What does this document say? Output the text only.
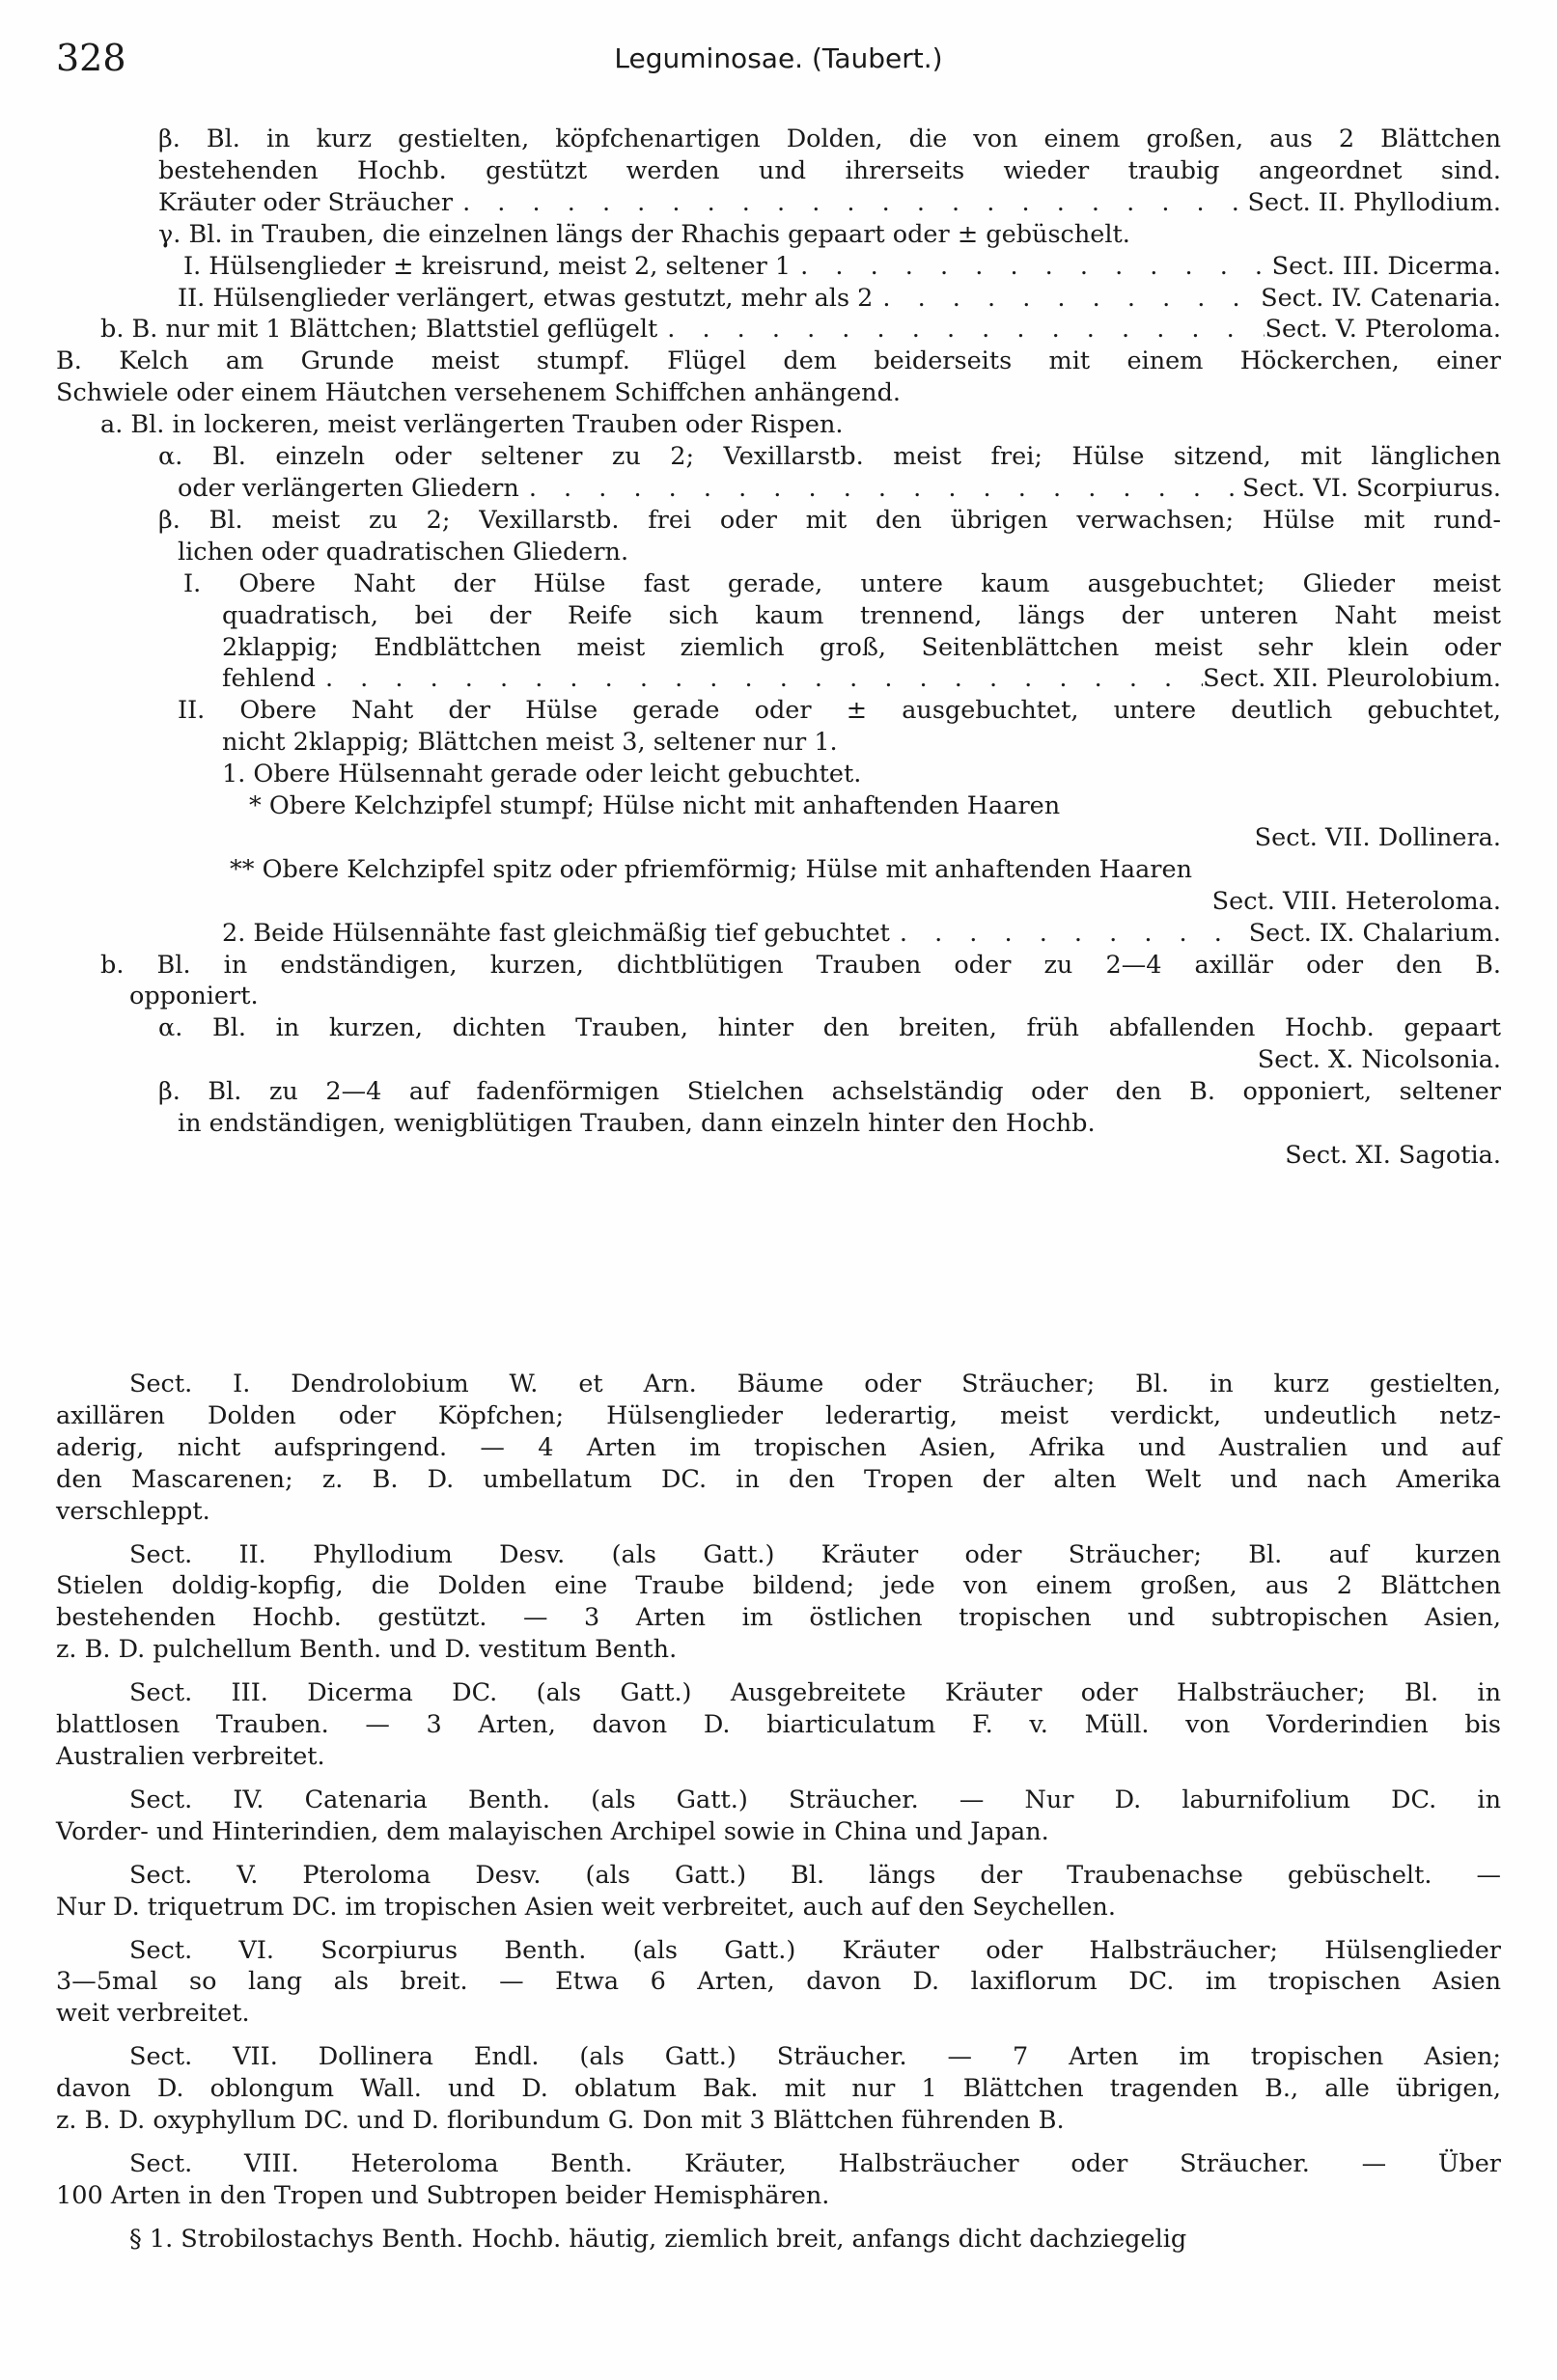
328	Leguminosae. (Taubert.)
β. Bl. in kurz gestielten, köpfchenartigen Dolden, die von einem großen, aus 2 Blättchen
bestehenden Hochb. gestützt werden und ihrerseits wieder traubig angeordnet sind.
Kräuter oder Sträucher . . .	Sect. II. Phyllodium.
γ. Bl. in Trauben, die einzelnen längs der Rhachis gepaart oder ± gebüschelt.
I. Hülsenglieder ± kreisrund, meist 2, seltener 1 . . .	Sect. III. Dicerma.
II. Hülsenglieder verlängert, etwas gestutzt, mehr als 2 . . .	Sect. IV. Catenaria.
b. B. nur mit 1 Blättchen; Blattstiel geflügelt . . .	Sect. V. Pteroloma.
B. Kelch am Grunde meist stumpf. Flügel dem beiderseits mit einem Höckerchen, einer
Schwiele oder einem Häutchen versehenem Schiffchen anhängend.
a. Bl. in lockeren, meist verlängerten Trauben oder Rispen.
α. Bl. einzeln oder seltener zu 2; Vexillarstb. meist frei; Hülse sitzend, mit länglichen
oder verlängerten Gliedern . . .	Sect. VI. Scorpiurus.
β. Bl. meist zu 2; Vexillarstb. frei oder mit den übrigen verwachsen; Hülse mit rund-
lichen oder quadratischen Gliedern.
I. Obere Naht der Hülse fast gerade, untere kaum ausgebuchtet; Glieder meist
quadratisch, bei der Reife sich kaum trennend, längs der unteren Naht meist
2klappig; Endblättchen meist ziemlich groß, Seitenblättchen meist sehr klein oder
fehlend . . .	Sect. XII. Pleurolobium.
II. Obere Naht der Hülse gerade oder ± ausgebuchtet, untere deutlich gebuchtet,
nicht 2klappig; Blättchen meist 3, seltener nur 1.
1. Obere Hülsennaht gerade oder leicht gebuchtet.
* Obere Kelchzipfel stumpf; Hülse nicht mit anhaftenden Haaren
Sect. VII. Dollinera.
** Obere Kelchzipfel spitz oder pfriemförmig; Hülse mit anhaftenden Haaren
Sect. VIII. Heteroloma.
2. Beide Hülsennähte fast gleichmäßig tief gebuchtet . . .	Sect. IX. Chalarium.
b. Bl. in endständigen, kurzen, dichtblütigen Trauben oder zu 2—4 axillär oder den B.
opponiert.
α. Bl. in kurzen, dichten Trauben, hinter den breiten, früh abfallenden Hochb. gepaart
Sect. X. Nicolsonia.
β. Bl. zu 2—4 auf fadenförmigen Stielchen achselständig oder den B. opponiert, seltener
in endständigen, wenigblütigen Trauben, dann einzeln hinter den Hochb.
Sect. XI. Sagotia.
Sect. I. Dendrolobium W. et Arn. Bäume oder Sträucher; Bl. in kurz gestielten,
axillären Dolden oder Köpfchen; Hülsenglieder lederartig, meist verdickt, undeutlich netz-
aderig, nicht aufspringend. — 4 Arten im tropischen Asien, Afrika und Australien und auf
den Mascarenen; z. B. D. umbellatum DC. in den Tropen der alten Welt und nach Amerika
verschleppt.
Sect. II. Phyllodium Desv. (als Gatt.) Kräuter oder Sträucher; Bl. auf kurzen
Stielen doldig-kopfig, die Dolden eine Traube bildend; jede von einem großen, aus 2 Blättchen
bestehenden Hochb. gestützt. — 3 Arten im östlichen tropischen und subtropischen Asien,
z. B. D. pulchellum Benth. und D. vestitum Benth.
Sect. III. Dicerma DC. (als Gatt.) Ausgebreitete Kräuter oder Halbsträucher; Bl. in
blattlosen Trauben. — 3 Arten, davon D. biarticulatum F. v. Müll. von Vorderindien bis
Australien verbreitet.
Sect. IV. Catenaria Benth. (als Gatt.) Sträucher. — Nur D. laburnifolium DC. in
Vorder- und Hinterindien, dem malayischen Archipel sowie in China und Japan.
Sect. V. Pteroloma Desv. (als Gatt.) Bl. längs der Traubenachse gebüschelt. —
Nur D. triquetrum DC. im tropischen Asien weit verbreitet, auch auf den Seychellen.
Sect. VI. Scorpiurus Benth. (als Gatt.) Kräuter oder Halbsträucher; Hülsenglieder
3—5mal so lang als breit. — Etwa 6 Arten, davon D. laxiflorum DC. im tropischen Asien
weit verbreitet.
Sect. VII. Dollinera Endl. (als Gatt.) Sträucher. — 7 Arten im tropischen Asien;
davon D. oblongum Wall. und D. oblatum Bak. mit nur 1 Blättchen tragenden B., alle übrigen,
z. B. D. oxyphyllum DC. und D. floribundum G. Don mit 3 Blättchen führenden B.
Sect. VIII. Heteroloma Benth. Kräuter, Halbsträucher oder Sträucher. — Über
100 Arten in den Tropen und Subtropen beider Hemisphären.
§ 1. Strobilostachys Benth. Hochb. häutig, ziemlich breit, anfangs dicht dachziegelig
